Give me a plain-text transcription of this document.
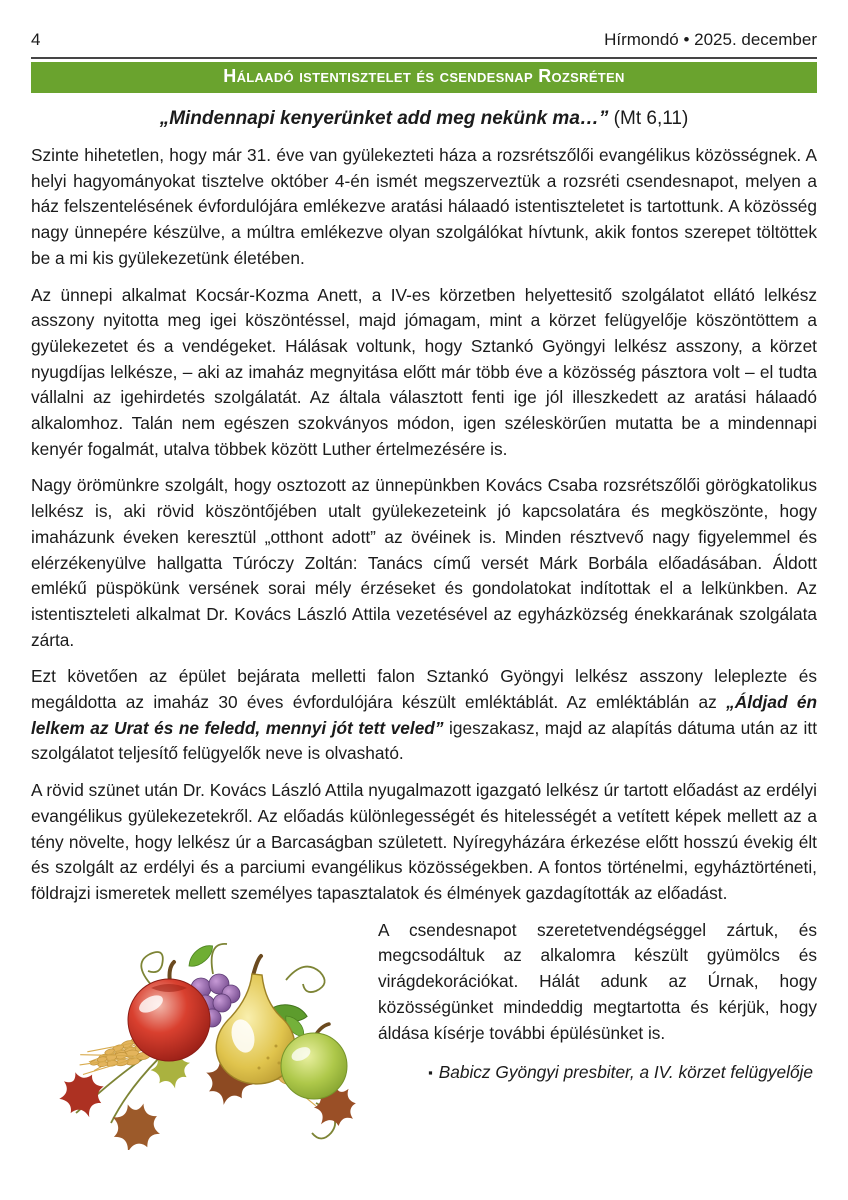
4	Hírmondó • 2025. december
Hálaadó istentisztelet és csendesnap Rozsréten
„Mindennapi kenyerünket add meg nekünk ma…” (Mt 6,11)

Szinte hihetetlen, hogy már 31. éve van gyülekezteti háza a rozsrétszőlői evangélikus közösségnek. A helyi hagyományokat tisztelve október 4-én ismét megszerveztük a rozsréti csendesnapot, melyen a ház felszentelésének évfordulójára emlékezve aratási hálaadó istentiszteletet is tartottunk. A közösség nagy ünnepére készülve, a múltra emlékezve olyan szolgálókat hívtunk, akik fontos szerepet töltöttek be a mi kis gyülekezetünk életében.

Az ünnepi alkalmat Kocsár-Kozma Anett, a IV-es körzetben helyettesitő szolgálatot ellátó lelkész asszony nyitotta meg igei köszöntéssel, majd jómagam, mint a körzet felügyelője köszöntöttem a gyülekezetet és a vendégeket. Hálásak voltunk, hogy Sztankó Gyöngyi lelkész asszony, a körzet nyugdíjas lelkésze, – aki az imaház megnyitása előtt már több éve a közösség pásztora volt – el tudta vállalni az igehirdetés szolgálatát. Az általa választott fenti ige jól illeszkedett az aratási hálaadó alkalomhoz. Talán nem egészen szokványos módon, igen széleskörűen mutatta be a mindennapi kenyér fogalmát, utalva többek között Luther értelmezésére is.

Nagy örömünkre szolgált, hogy osztozott az ünnepünkben Kovács Csaba rozsrétszőlői görögkatolikus lelkész is, aki rövid köszöntőjében utalt gyülekezeteink jó kapcsolatára és megköszönte, hogy imaházunk éveken keresztül „otthont adott” az övéinek is. Minden résztvevő nagy figyelemmel és elérzékenyülve hallgatta Túróczy Zoltán: Tanács című versét Márk Borbála előadásában. Áldott emlékű püspökünk versének sorai mély érzéseket és gondolatokat indítottak el a lelkünkben. Az istentiszteleti alkalmat Dr. Kovács László Attila vezetésével az egyházközség énekkarának szolgálata zárta.

Ezt követően az épület bejárata melletti falon Sztankó Gyöngyi lelkész asszony leleplezte és megáldotta az imaház 30 éves évfordulójára készült emléktáblát. Az emléktáblán az „Áldjad én lelkem az Urat és ne feledd, mennyi jót tett veled” igeszakasz, majd az alapítás dátuma után az itt szolgálatot teljesítő felügyelők neve is olvasható.

A rövid szünet után Dr. Kovács László Attila nyugalmazott igazgató lelkész úr tartott előadást az erdélyi evangélikus gyülekezetekről. Az előadás különlegességét és hitelességét a vetített képek mellett az a tény növelte, hogy lelkész úr a Barcaságban született. Nyíregyházára érkezése előtt hosszú évekig élt és szolgált az erdélyi és a parciumi evangélikus közösségekben. A fontos történelmi, egyháztörténeti, földrajzi ismeretek mellett személyes tapasztalatok és élmények gazdagították az előadást.

A csendesnapot szeretetvendégséggel zártuk, és megcsodáltuk az alkalomra készült gyümölcs és virágdekorációkat. Hálát adunk az Úrnak, hogy közösségünket mindeddig megtartotta és kérjük, hogy áldása kísérje további épülésünket is.

▪ Babicz Gyöngyi presbiter, a IV. körzet felügyelője
